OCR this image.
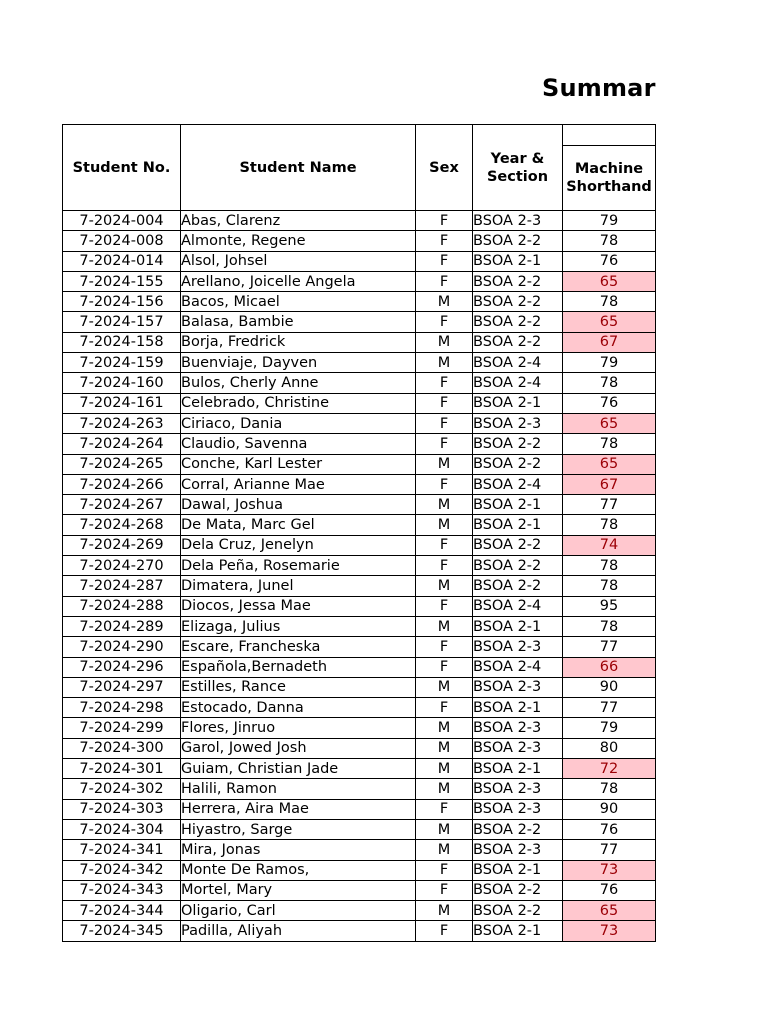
Summar
Student No.	Student Name	Sex	Year & Section	
				Machine Shorthand
7-2024-004	Abas, Clarenz	F	BSOA 2-3	79
7-2024-008	Almonte, Regene	F	BSOA 2-2	78
7-2024-014	Alsol, Johsel	F	BSOA 2-1	76
7-2024-155	Arellano, Joicelle Angela	F	BSOA 2-2	65
7-2024-156	Bacos, Micael	M	BSOA 2-2	78
7-2024-157	Balasa, Bambie	F	BSOA 2-2	65
7-2024-158	Borja, Fredrick	M	BSOA 2-2	67
7-2024-159	Buenviaje, Dayven	M	BSOA 2-4	79
7-2024-160	Bulos, Cherly Anne	F	BSOA 2-4	78
7-2024-161	Celebrado, Christine	F	BSOA 2-1	76
7-2024-263	Ciriaco, Dania	F	BSOA 2-3	65
7-2024-264	Claudio, Savenna	F	BSOA 2-2	78
7-2024-265	Conche, Karl Lester	M	BSOA 2-2	65
7-2024-266	Corral, Arianne Mae	F	BSOA 2-4	67
7-2024-267	Dawal, Joshua	M	BSOA 2-1	77
7-2024-268	De Mata, Marc Gel	M	BSOA 2-1	78
7-2024-269	Dela Cruz, Jenelyn	F	BSOA 2-2	74
7-2024-270	Dela Peña, Rosemarie	F	BSOA 2-2	78
7-2024-287	Dimatera, Junel	M	BSOA 2-2	78
7-2024-288	Diocos, Jessa Mae	F	BSOA 2-4	95
7-2024-289	Elizaga, Julius	M	BSOA 2-1	78
7-2024-290	Escare, Francheska	F	BSOA 2-3	77
7-2024-296	Española,Bernadeth	F	BSOA 2-4	66
7-2024-297	Estilles, Rance	M	BSOA 2-3	90
7-2024-298	Estocado, Danna	F	BSOA 2-1	77
7-2024-299	Flores, Jinruo	M	BSOA 2-3	79
7-2024-300	Garol, Jowed Josh	M	BSOA 2-3	80
7-2024-301	Guiam, Christian Jade	M	BSOA 2-1	72
7-2024-302	Halili, Ramon	M	BSOA 2-3	78
7-2024-303	Herrera, Aira Mae	F	BSOA 2-3	90
7-2024-304	Hiyastro, Sarge	M	BSOA 2-2	76
7-2024-341	Mira, Jonas	M	BSOA 2-3	77
7-2024-342	Monte De Ramos,	F	BSOA 2-1	73
7-2024-343	Mortel, Mary	F	BSOA 2-2	76
7-2024-344	Oligario, Carl	M	BSOA 2-2	65
7-2024-345	Padilla, Aliyah	F	BSOA 2-1	73
